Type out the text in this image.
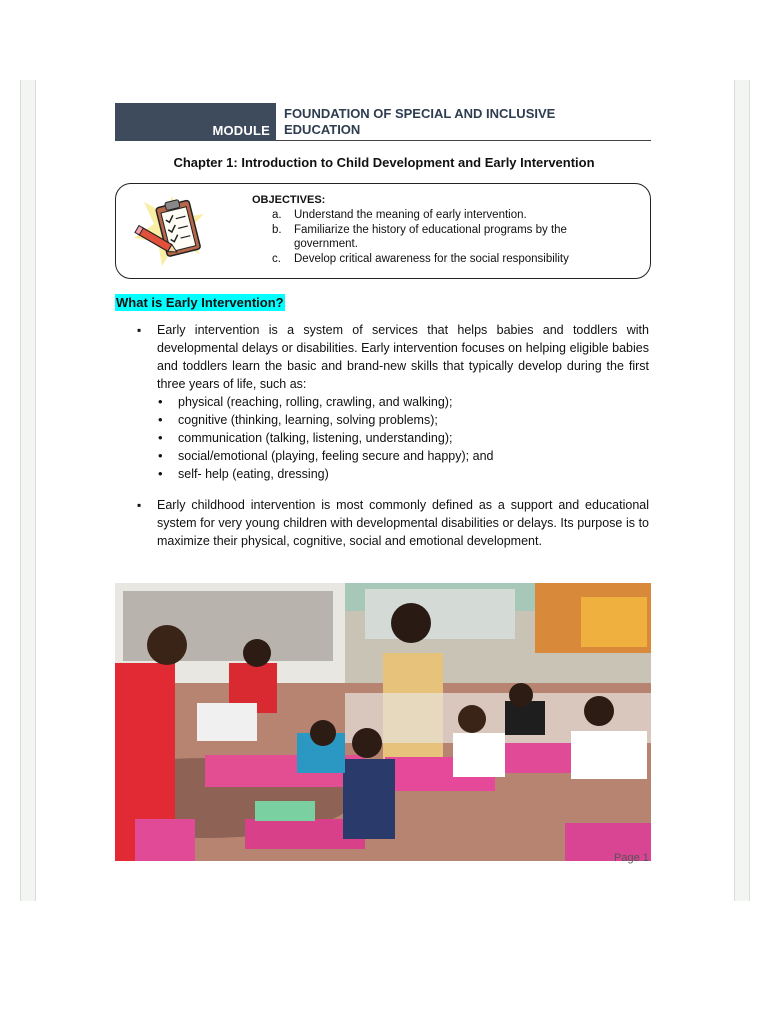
MODULE
FOUNDATION OF SPECIAL AND INCLUSIVE
EDUCATION
Chapter 1: Introduction to Child Development and Early Intervention
OBJECTIVES:
a.	Understand the meaning of early intervention.
b.	Familiarize the history of educational programs by the government.
c.	Develop critical awareness for the social responsibility
What is Early Intervention?
▪ Early intervention is a system of services that helps babies and toddlers with developmental delays or disabilities. Early intervention focuses on helping eligible babies and toddlers learn the basic and brand-new skills that typically develop during the first three years of life, such as:
• physical (reaching, rolling, crawling, and walking);
• cognitive (thinking, learning, solving problems);
• communication (talking, listening, understanding);
• social/emotional (playing, feeling secure and happy); and
• self- help (eating, dressing)
▪ Early childhood intervention is most commonly defined as a support and educational system for very young children with developmental disabilities or delays. Its purpose is to maximize their physical, cognitive, social and emotional development.
Page 1
